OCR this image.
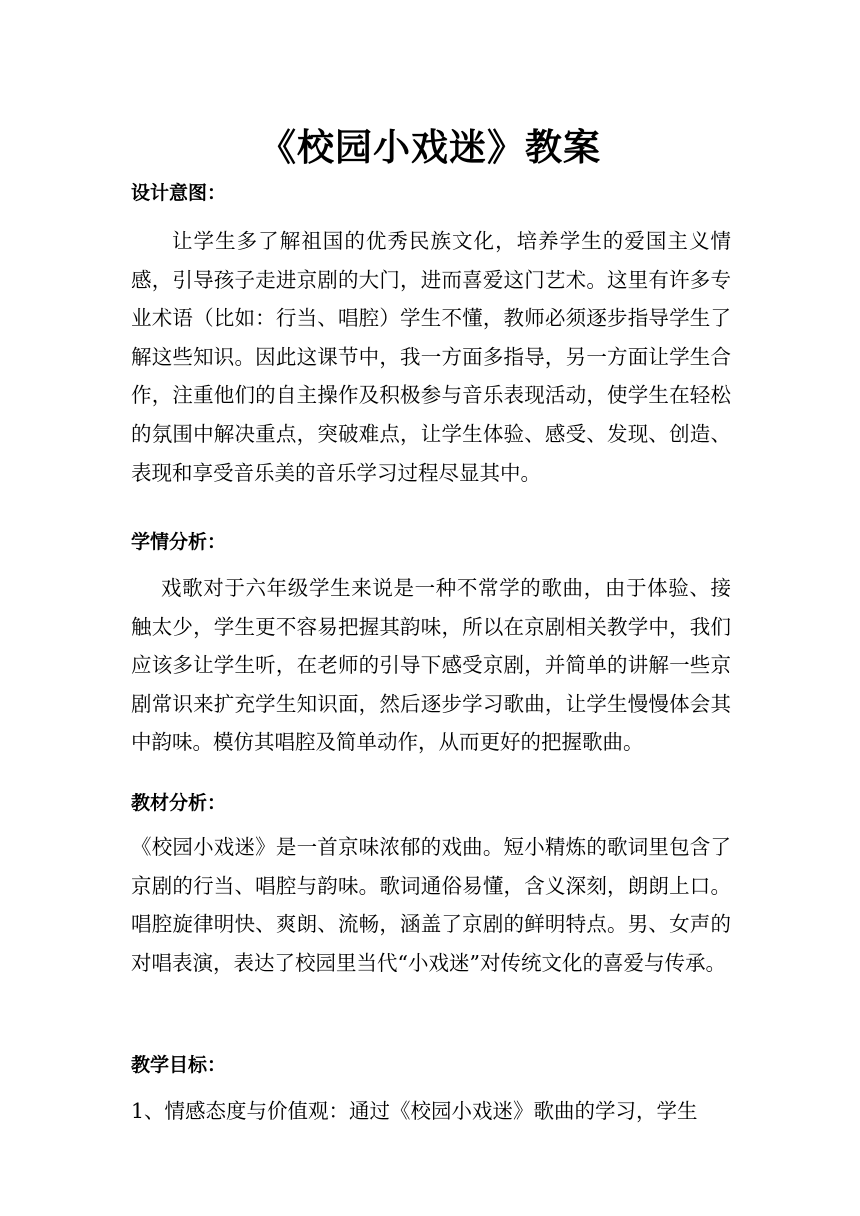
《校园小戏迷》教案
设计意图：

让学生多了解祖国的优秀民族文化，培养学生的爱国主义情感，引导孩子走进京剧的大门，进而喜爱这门艺术。这里有许多专业术语（比如：行当、唱腔）学生不懂，教师必须逐步指导学生了解这些知识。因此这课节中，我一方面多指导，另一方面让学生合作，注重他们的自主操作及积极参与音乐表现活动，使学生在轻松的氛围中解决重点，突破难点，让学生体验、感受、发现、创造、表现和享受音乐美的音乐学习过程尽显其中。

学情分析：

戏歌对于六年级学生来说是一种不常学的歌曲，由于体验、接触太少，学生更不容易把握其韵味，所以在京剧相关教学中，我们应该多让学生听，在老师的引导下感受京剧，并简单的讲解一些京剧常识来扩充学生知识面，然后逐步学习歌曲，让学生慢慢体会其中韵味。模仿其唱腔及简单动作，从而更好的把握歌曲。

教材分析：

《校园小戏迷》是一首京味浓郁的戏曲。短小精炼的歌词里包含了京剧的行当、唱腔与韵味。歌词通俗易懂，含义深刻，朗朗上口。唱腔旋律明快、爽朗、流畅，涵盖了京剧的鲜明特点。男、女声的对唱表演，表达了校园里当代“小戏迷”对传统文化的喜爱与传承。

教学目标：

1、情感态度与价值观：通过《校园小戏迷》歌曲的学习，学生
